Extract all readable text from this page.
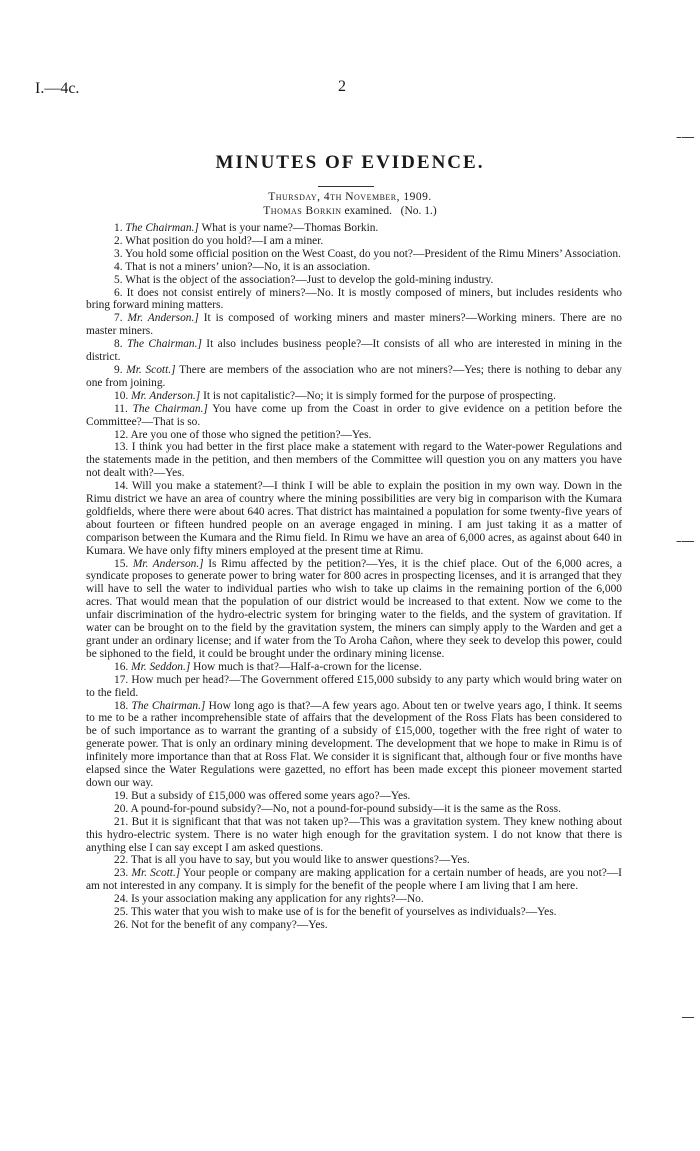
I.—4c.	2
MINUTES OF EVIDENCE.
Thursday, 4th November, 1909.
Thomas Borkin examined. (No. 1.)
–―
–―
―

1. The Chairman.] What is your name?—Thomas Borkin.

2. What position do you hold?—I am a miner.

3. You hold some official position on the West Coast, do you not?—President of the Rimu Miners’ Association.

4. That is not a miners’ union?—No, it is an association.

5. What is the object of the association?—Just to develop the gold-mining industry.

6. It does not consist entirely of miners?—No. It is mostly composed of miners, but includes residents who bring forward mining matters.

7. Mr. Anderson.] It is composed of working miners and master miners?—Working miners. There are no master miners.

8. The Chairman.] It also includes business people?—It consists of all who are interested in mining in the district.

9. Mr. Scott.] There are members of the association who are not miners?—Yes; there is nothing to debar any one from joining.

10. Mr. Anderson.] It is not capitalistic?—No; it is simply formed for the purpose of prospecting.

11. The Chairman.] You have come up from the Coast in order to give evidence on a petition before the Committee?—That is so.

12. Are you one of those who signed the petition?—Yes.

13. I think you had better in the first place make a statement with regard to the Water-power Regulations and the statements made in the petition, and then members of the Committee will question you on any matters you have not dealt with?—Yes.

14. Will you make a statement?—I think I will be able to explain the position in my own way. Down in the Rimu district we have an area of country where the mining possibilities are very big in comparison with the Kumara goldfields, where there were about 640 acres. That district has maintained a population for some twenty-five years of about fourteen or fifteen hundred people on an average engaged in mining. I am just taking it as a matter of comparison between the Kumara and the Rimu field. In Rimu we have an area of 6,000 acres, as against about 640 in Kumara. We have only fifty miners employed at the present time at Rimu.

15. Mr. Anderson.] Is Rimu affected by the petition?—Yes, it is the chief place. Out of the 6,000 acres, a syndicate proposes to generate power to bring water for 800 acres in prospecting licenses, and it is arranged that they will have to sell the water to individual parties who wish to take up claims in the remaining portion of the 6,000 acres. That would mean that the population of our district would be increased to that extent. Now we come to the unfair discrimination of the hydro-electric system for bringing water to the fields, and the system of gravitation. If water can be brought on to the field by the gravitation system, the miners can simply apply to the Warden and get a grant under an ordinary license; and if water from the To Aroha Cañon, where they seek to develop this power, could be siphoned to the field, it could be brought under the ordinary mining license.

16. Mr. Seddon.] How much is that?—Half-a-crown for the license.

17. How much per head?—The Government offered £15,000 subsidy to any party which would bring water on to the field.

18. The Chairman.] How long ago is that?—A few years ago. About ten or twelve years ago, I think. It seems to me to be a rather incomprehensible state of affairs that the development of the Ross Flats has been considered to be of such importance as to warrant the granting of a subsidy of £15,000, together with the free right of water to generate power. That is only an ordinary mining development. The development that we hope to make in Rimu is of infinitely more importance than that at Ross Flat. We consider it is significant that, although four or five months have elapsed since the Water Regulations were gazetted, no effort has been made except this pioneer movement started down our way.

19. But a subsidy of £15,000 was offered some years ago?—Yes.

20. A pound-for-pound subsidy?—No, not a pound-for-pound subsidy—it is the same as the Ross.

21. But it is significant that that was not taken up?—This was a gravitation system. They knew nothing about this hydro-electric system. There is no water high enough for the gravitation system. I do not know that there is anything else I can say except I am asked questions.

22. That is all you have to say, but you would like to answer questions?—Yes.

23. Mr. Scott.] Your people or company are making application for a certain number of heads, are you not?—I am not interested in any company. It is simply for the benefit of the people where I am living that I am here.

24. Is your association making any application for any rights?—No.

25. This water that you wish to make use of is for the benefit of yourselves as individuals?—Yes.

26. Not for the benefit of any company?—Yes.
